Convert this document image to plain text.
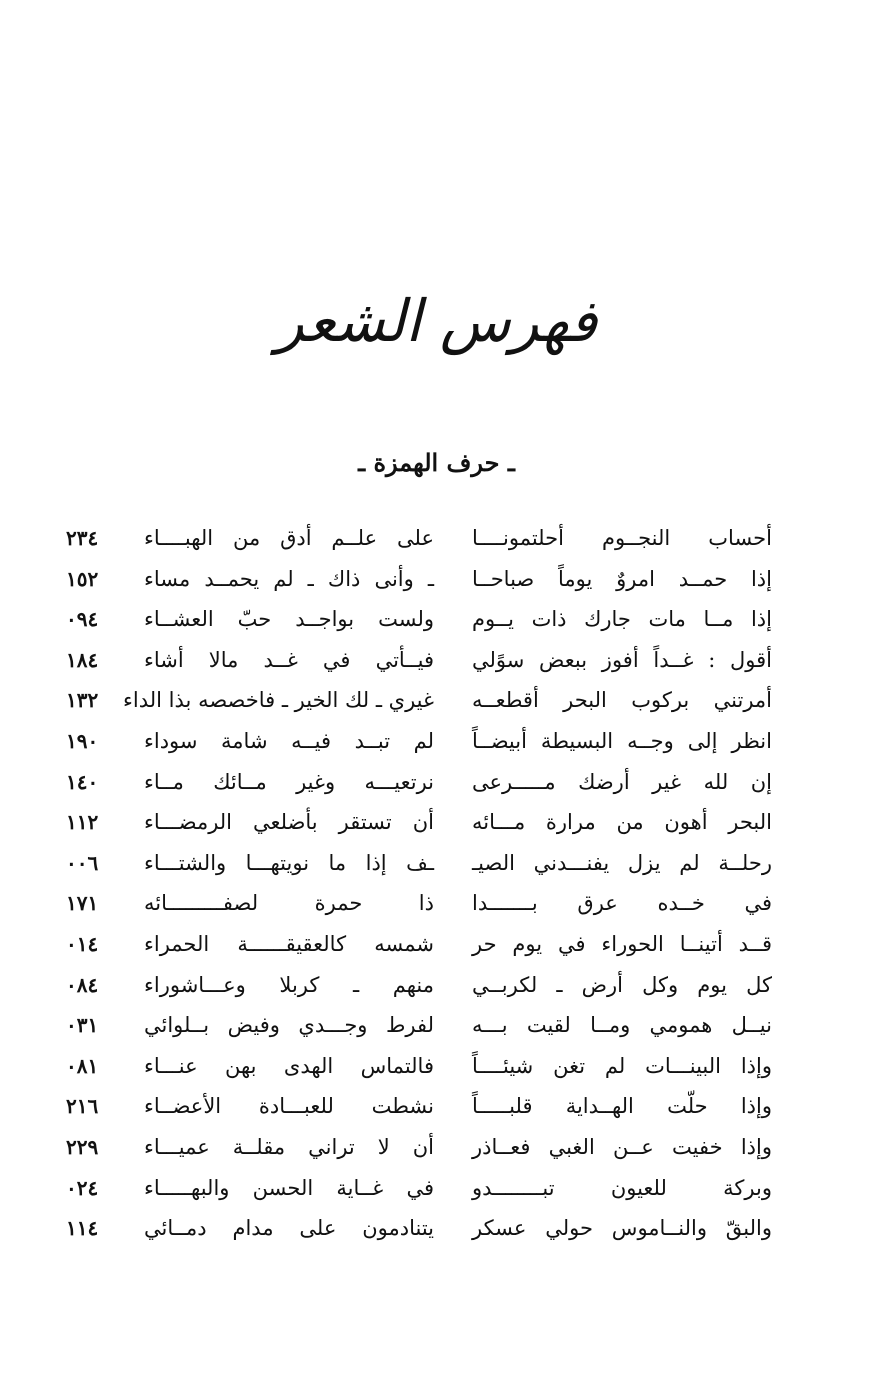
فهرس الشعر
ـ حرف الهمزة ـ
أحساب النجــوم أحلتمونــــا
على علــم أدق من الهبــــاء
٢٣٤
إذا حمــد امروٌ يوماً صباحــا
ـ وأنى ذاك ـ لم يحمــد مساء
١٥٢
إذا مــا مات جارك ذات يــوم
ولست بواجــد حبّ العشــاء
٠٩٤
أقول : غــداً أفوز ببعض سوًلي
فيــأتي في غــد مالا أشاء
١٨٤
أمرتني بركوب البحر أقطعــه
غيري ـ لك الخير ـ فاخصصه بذا الداء
١٣٢
انظر إلى وجــه البسيطة أبيضــاً
لم تبــد فيــه شامة سوداء
١٩٠
إن لله غير أرضك مـــــرعى
نرتعيـــه وغير مــائك مــاء
١٤٠
البحر أهون من مرارة مـــائه
أن تستقر بأضلعي الرمضـــاء
١١٢
رحلــة لم يزل يفنـــدني الصيـ
ـف إذا ما نويتهـــا والشتـــاء
٠٠٦
في خــده عرق بـــــــدا
ذا حمرة لصفـــــــــائه
١٧١
قــد أتينــا الحوراء في يوم حر
شمسه كالعقيقــــــة الحمراء
٠١٤
كل يوم وكل أرض ـ لكربــي
منهم ـ كربلا وعـــاشوراء
٠٨٤
نيــل همومي ومــا لقيت بـــه
لفرط وجـــدي وفيض بــلوائي
٠٣١
وإذا البينـــات لم تغن شيئــــاً
فالتماس الهدى بهن عنـــاء
٠٨١
وإذا حلّت الهــداية قلبـــــاً
نشطت للعبـــادة الأعضــاء
٢١٦
وإذا خفيت عــن الغبي فعــاذر
أن لا تراني مقلــة عميـــاء
٢٢٩
وبركة للعيون تبــــــــدو
في غــاية الحسن والبهـــــاء
٠٢٤
والبقّ والنــاموس حولي عسكر
يتنادمون على مدام دمــائي
١١٤
